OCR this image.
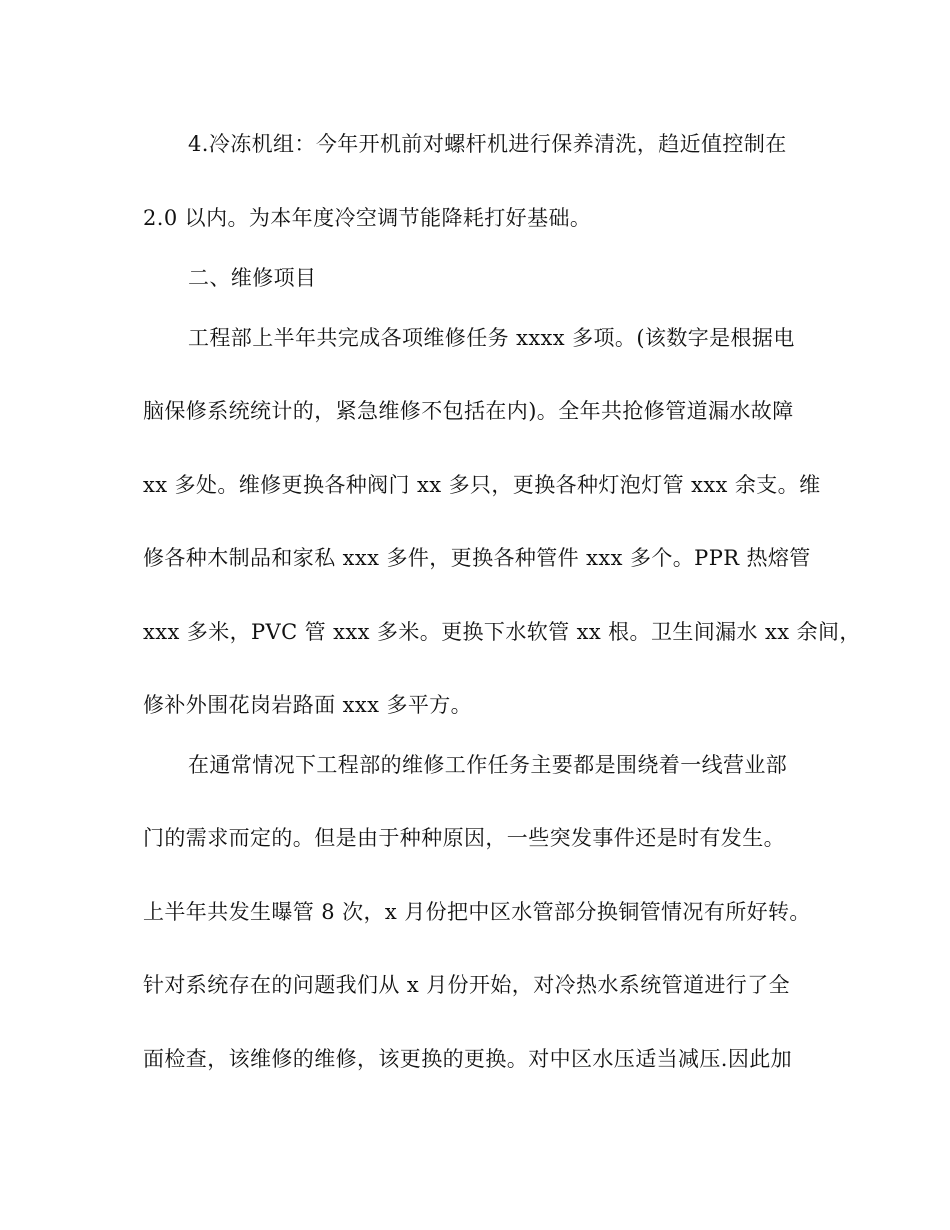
4.冷冻机组：今年开机前对螺杆机进行保养清洗，趋近值控制在

2.0 以内。为本年度冷空调节能降耗打好基础。

二、维修项目

工程部上半年共完成各项维修任务 xxxx 多项。(该数字是根据电

脑保修系统统计的，紧急维修不包括在内)。全年共抢修管道漏水故障

xx 多处。维修更换各种阀门 xx 多只，更换各种灯泡灯管 xxx 余支。维

修各种木制品和家私 xxx 多件，更换各种管件 xxx 多个。PPR 热熔管

xxx 多米，PVC 管 xxx 多米。更换下水软管 xx 根。卫生间漏水 xx 余间，

修补外围花岗岩路面 xxx 多平方。

在通常情况下工程部的维修工作任务主要都是围绕着一线营业部

门的需求而定的。但是由于种种原因，一些突发事件还是时有发生。

上半年共发生曝管 8 次，x 月份把中区水管部分换铜管情况有所好转。

针对系统存在的问题我们从 x 月份开始，对冷热水系统管道进行了全

面检查，该维修的维修，该更换的更换。对中区水压适当减压.因此加
